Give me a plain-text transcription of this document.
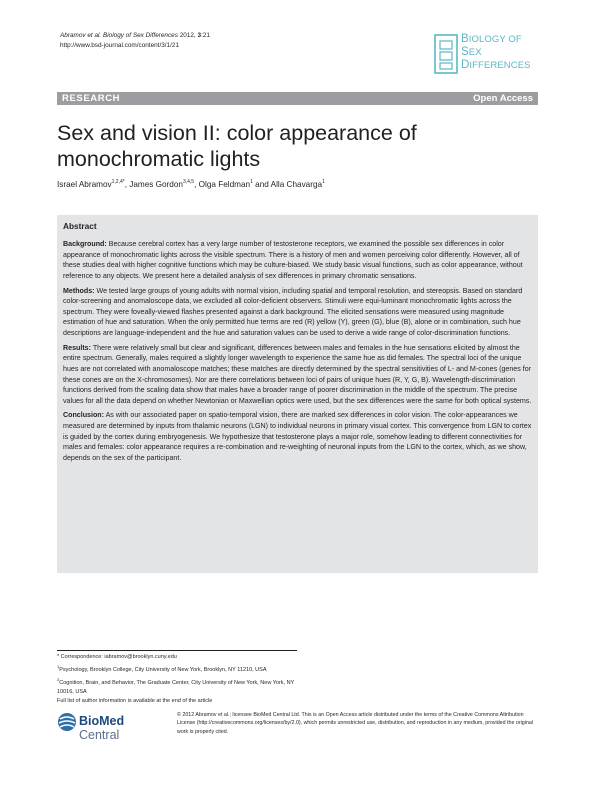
Abramov et al. Biology of Sex Differences 2012, 3:21
http://www.bsd-journal.com/content/3/1/21	BIOLOGY OF
SEX
DIFFERENCES
RESEARCH	Open Access
Sex and vision II: color appearance of monochromatic lights
Israel Abramov$^{1,2,4*}$, James Gordon$^{3,4,5}$, Olga Feldman$^1$ and Alla Chavarga$^1$
Abstract

Background: Because cerebral cortex has a very large number of testosterone receptors, we examined the possible sex differences in color appearance of monochromatic lights across the visible spectrum. There is a history of men and women perceiving color differently. However, all of these studies deal with higher cognitive functions which may be culture-biased. We study basic visual functions, such as color appearance, without reference to any objects. We present here a detailed analysis of sex differences in primary chromatic sensations.

Methods: We tested large groups of young adults with normal vision, including spatial and temporal resolution, and stereopsis. Based on standard color-screening and anomaloscope data, we excluded all color-deficient observers. Stimuli were equi-luminant monochromatic lights across the spectrum. They were foveally-viewed flashes presented against a dark background. The elicited sensations were measured using magnitude estimation of hue and saturation. When the only permitted hue terms are red (R) yellow (Y), green (G), blue (B), alone or in combination, such hue descriptions are language-independent and the hue and saturation values can be used to derive a wide range of color-discrimination functions.

Results: There were relatively small but clear and significant, differences between males and females in the hue sensations elicited by almost the entire spectrum. Generally, males required a slightly longer wavelength to experience the same hue as did females. The spectral loci of the unique hues are not correlated with anomaloscope matches; these matches are directly determined by the spectral sensitivities of L- and M-cones (genes for these cones are on the X-chromosomes). Nor are there correlations between loci of pairs of unique hues (R, Y, G, B). Wavelength-discrimination functions derived from the scaling data show that males have a broader range of poorer discrimination in the middle of the spectrum. The precise values for all the data depend on whether Newtonian or Maxwellian optics were used, but the sex differences were the same for both optical systems.

Conclusion: As with our associated paper on spatio-temporal vision, there are marked sex differences in color vision. The color-appearances we measured are determined by inputs from thalamic neurons (LGN) to individual neurons in primary visual cortex. This convergence from LGN to cortex is guided by the cortex during embryogenesis. We hypothesize that testosterone plays a major role, somehow leading to different connectivities for males and females: color appearance requires a re-combination and re-weighting of neuronal inputs from the LGN to the cortex, which, as we show, depends on the sex of the participant.

* Correspondence: iabramov@brooklyn.cuny.edu
$^1$Psychology, Brooklyn College, City University of New York, Brooklyn, NY 11210, USA
$^2$Cognition, Brain, and Behavior, The Graduate Center, City University of New York, New York, NY 10016, USA
Full list of author information is available at the end of the article
BioMed Central
© 2012 Abramov et al.; licensee BioMed Central Ltd. This is an Open Access article distributed under the terms of the Creative Commons Attribution License (http://creativecommons.org/licenses/by/2.0), which permits unrestricted use, distribution, and reproduction in any medium, provided the original work is properly cited.
